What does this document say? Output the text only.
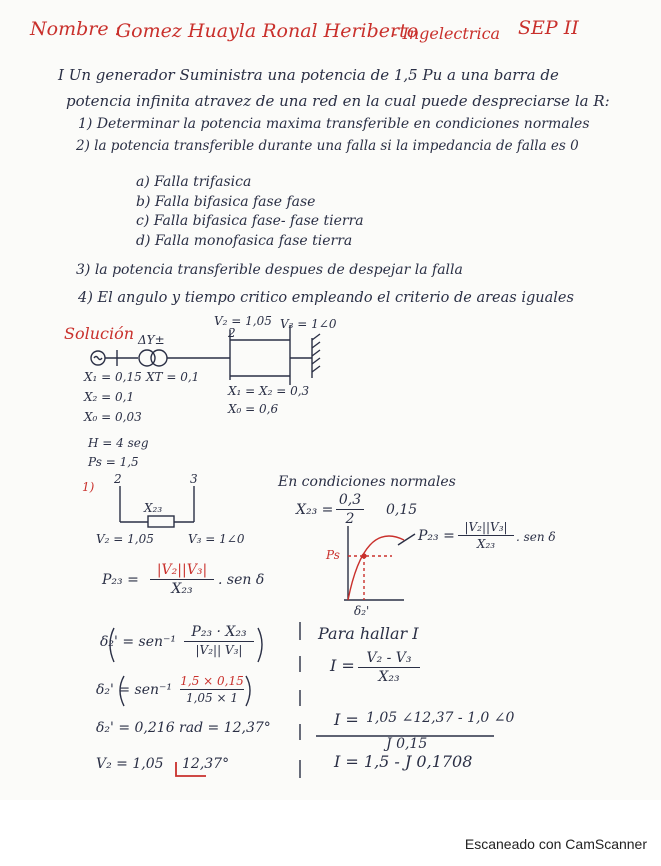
Nombre :
Gomez Huayla Ronal Heriberto
- Ingelectrica SEP II
I Un generador Suministra una potencia de 1,5 Pu a una barra de
potencia infinita atravez de una red en la cual puede despreciarse la R:
1) Determinar la potencia maxima transferible en condiciones normales
2) la potencia transferible durante una falla si la impedancia de falla es 0
a) Falla trifasica
b) Falla bifasica fase fase
c) Falla bifasica fase- fase tierra
d) Falla monofasica fase tierra
3) la potencia transferible despues de despejar la falla
4) El angulo y tiempo critico empleando el criterio de areas iguales
Solución ΔY±
V₂ = 1,05
2
V₃ = 1∠0
X₁ = 0,15 XT = 0,1
X₂ = 0,1
X₀ = 0,03
X₁ = X₂ = 0,3
X₀ = 0,6
H = 4 seg
Ps = 1,5
1)
2	3
X₂₃
V₂ = 1,05	V₃ = 1∠0
P₂₃ =
|V₂||V₃|
X₂₃
. sen δ
En condiciones normales
X₂₃ =
0,3
2
0,15
P₂₃ =
|V₂||V₃|
X₂₃	. sen δ
Ps
δ₂'
δ₂' = sen⁻¹
P₂₃ · X₂₃
|V₂|| V₃|
δ₂' = sen⁻¹
1,5 × 0,15
1,05 × 1
δ₂' = 0,216 rad = 12,37°
V₂ = 1,05 12,37°
Para hallar I
I = V₂ - V₃
X₂₃
I = 1,05 ∠12,37 - 1,0 ∠0
J 0,15
I = 1,5 - J 0,1708
Escaneado con CamScanner
